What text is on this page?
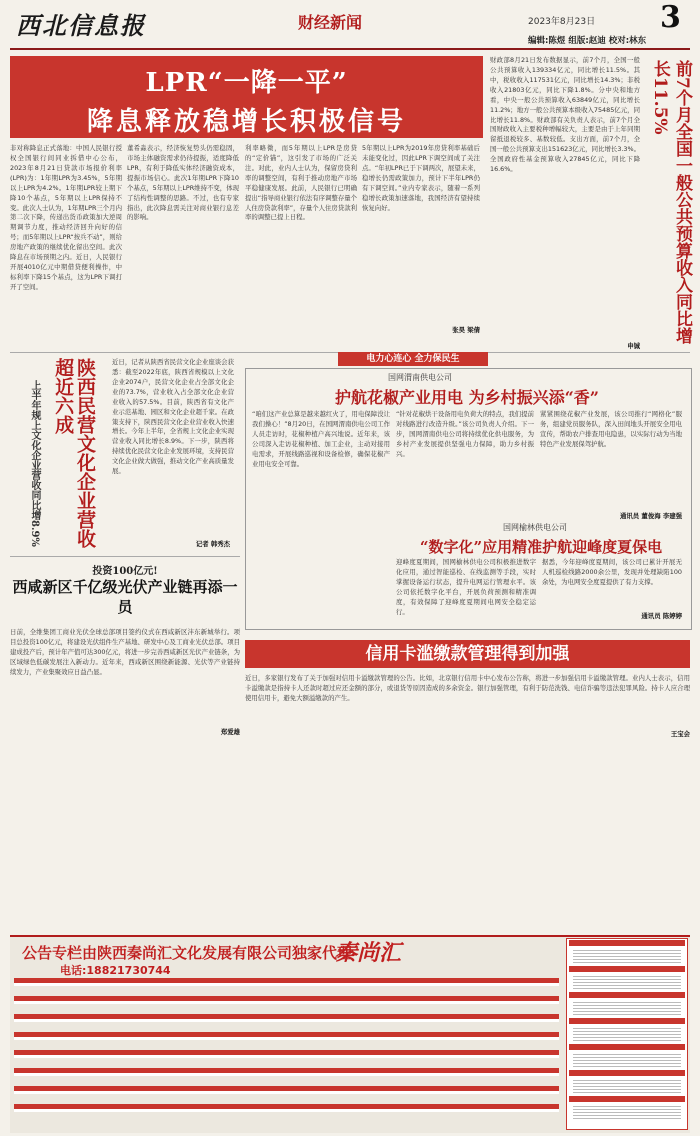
西北信息报	财经新闻	2023年8月23日 3
编辑:陈煜 组版:赵迪 校对:林东
LPR“一降一平”
降息释放稳增长积极信号
非对称降息正式落地：中国人民银行授权全国银行间同业拆借中心公布，2023年8月21日贷款市场报价利率(LPR)为：1年期LPR为3.45%，5年期以上LPR为4.2%。1年期LPR较上期下降10个基点，5年期以上LPR保持不变。此次人士认为，1年期LPR三个月内第二次下降，传递出货币政策加大逆周期调节力度，推动经济回升向好的信号；而5年期以上LPR“按兵不动”，则给房地产政策的继续优化留出空间。此次降息在市场预期之内。近日，人民银行开展4010亿元中期借贷便利操作，中标利率下降15个基点，这为LPR下调打开了空间。
董希淼表示，经济恢复势头仍需稳固，市场主体融资需求仍待提振，适度降低LPR，有利于降低实体经济融资成本，提振市场信心。此次1年期LPR下降10个基点，5年期以上LPR维持不变，体现了结构性调整的思路。不过，也有专家指出，此次降息需关注对商业银行息差的影响。
利率略微，而5年期以上LPR是房贷的“定价锚”，这引发了市场的广泛关注。对此，业内人士认为，保留房贷利率的调整空间，有利于推动房地产市场平稳健康发展。此前，人民银行已明确提出“指导商业银行依法有序调整存量个人住房贷款利率”，存量个人住房贷款利率的调整已提上日程。
5年期以上LPR为2019年房贷利率基础后未能变化过，因此LPR下调空间成了关注点。“年初LPR已于下调两次，展望未来，稳增长仍需政策加力，预计下半年LPR仍有下调空间。”业内专家表示，随着一系列稳增长政策加速落地，我国经济有望持续恢复向好。
张昊 梁倩
财政部8月21日发布数据显示，前7个月，全国一般公共预算收入139334亿元，同比增长11.5%。其中，税收收入117531亿元，同比增长14.3%；非税收入21803亿元，同比下降1.8%。分中央和地方看，中央一般公共预算收入63849亿元，同比增长11.2%；地方一般公共预算本级收入75485亿元，同比增长11.8%。财政部有关负责人表示，前7个月全国财政收入主要税种增幅较大，主要是由于上年同期留抵退税较多、基数较低。支出方面，前7个月，全国一般公共预算支出151623亿元，同比增长3.3%。全国政府性基金预算收入27845亿元，同比下降16.6%。	前7个月全国一般公共预算收入同比增长11.5%
申铖
陕西民营文化企业营收超近六成
上半年规上文化企业营收同比增8.9%
近日，记者从陕西省民营文化企业座谈会获悉：截至2022年底，陕西省规模以上文化企业2074户，民营文化企业占全部文化企业的73.7%，营业收入占全部文化企业营业收入的57.5%。目前，陕西省有文化产业示范基地、园区和文化企业超千家。在政策支持下，陕西民营文化企业营业收入快速增长。今年上半年，全省规上文化企业实现营业收入同比增长8.9%。下一步，陕西将持续优化民营文化企业发展环境，支持民营文化企业做大做强，推动文化产业高质量发展。
记者 韩秀杰
电力心连心 全力保民生
国网渭南供电公司
护航花椒产业用电 为乡村振兴添“香”
“咱们这产业总算是越来越红火了，用电保障没让我们操心！”8月20日，在国网渭南供电公司工作人员走访时，花椒种植户高兴地说。近年来，该公司深入走访花椒种植、加工企业，主动对接用电需求，开展线路巡视和设备检修，确保花椒产业用电安全可靠。
“针对花椒烘干设备用电负荷大的特点，我们提前对线路进行改造升级。”该公司负责人介绍。下一步，国网渭南供电公司将持续优化供电服务，为乡村产业发展提供坚强电力保障，助力乡村振兴。
紧紧围绕花椒产业发展，该公司推行“网格化”服务，组建党员服务队，深入田间地头开展安全用电宣传，帮助农户排查用电隐患，以实际行动为当地特色产业发展保驾护航。
通讯员 董俊海 李建强
国网榆林供电公司
“数字化”应用精准护航迎峰度夏保电
迎峰度夏期间，国网榆林供电公司积极推进数字化应用，通过智能巡检、在线监测等手段，实时掌握设备运行状态，提升电网运行管理水平。该公司依托数字化平台，开展负荷预测和精准调度，有效保障了迎峰度夏期间电网安全稳定运行。
据悉，今年迎峰度夏期间，该公司已累计开展无人机巡检线路2000余公里，发现并处理缺陷100余处，为电网安全度夏提供了有力支撑。
通讯员 陈婷婷
投资100亿元!
西咸新区千亿级光伏产业链再添一员
日前，全维集团工商业光伏全球总部项目签约仪式在西咸新区沣东新城举行。项目总投资100亿元，将建设光伏组件生产基地、研发中心及工商业光伏总部。项目建成投产后，预计年产值可达300亿元，将进一步完善西咸新区光伏产业链条，为区域绿色低碳发展注入新动力。近年来，西咸新区围绕新能源、光伏等产业链持续发力，产业集聚效应日益凸显。
郑爱雄
信用卡滥缴款管理得到加强
近日，多家银行发布了关于加强对信用卡溢缴款管理的公告。比如，北京银行信用卡中心发布公告称，将进一步加强信用卡溢缴款管理。业内人士表示，信用卡溢缴款是指持卡人还款时超过应还金额的部分，或退货等原因造成的多余资金。银行加强管理，有利于防范洗钱、电信诈骗等违法犯罪风险。持卡人应合理使用信用卡，避免大额溢缴款的产生。
王宝会
公告专栏由陕西秦尚汇文化发展有限公司独家代理
电话:18821730744
秦尚汇
